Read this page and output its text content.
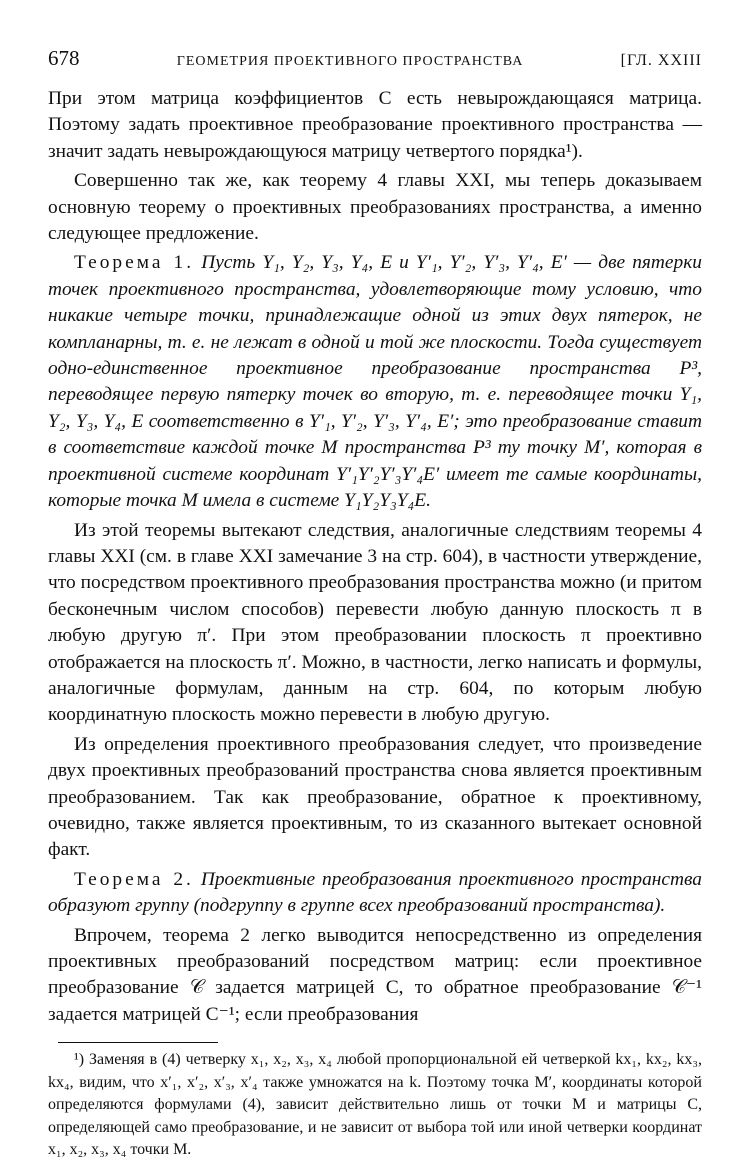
678	ГЕОМЕТРИЯ ПРОЕКТИВНОГО ПРОСТРАНСТВА	[ГЛ. XXIII

При этом матрица коэффициентов C есть невырождающаяся матрица. Поэтому задать проективное преобразование проективного пространства — значит задать невырождающуюся матрицу четвертого порядка¹).

Совершенно так же, как теорему 4 главы XXI, мы теперь доказываем основную теорему о проективных преобразованиях пространства, а именно следующее предложение.

Теорема 1. Пусть Y₁, Y₂, Y₃, Y₄, E и Y′₁, Y′₂, Y′₃, Y′₄, E′ — две пятерки точек проективного пространства, удовлетворяющие тому условию, что никакие четыре точки, принадлежащие одной из этих двух пятерок, не компланарны, т. е. не лежат в одной и той же плоскости. Тогда существует одно-единственное проективное преобразование пространства P³, переводящее первую пятерку точек во вторую, т. е. переводящее точки Y₁, Y₂, Y₃, Y₄, E соответственно в Y′₁, Y′₂, Y′₃, Y′₄, E′; это преобразование ставит в соответствие каждой точке M пространства P³ ту точку M′, которая в проективной системе координат Y′₁Y′₂Y′₃Y′₄E′ имеет те самые координаты, которые точка M имела в системе Y₁Y₂Y₃Y₄E.

Из этой теоремы вытекают следствия, аналогичные следствиям теоремы 4 главы XXI (см. в главе XXI замечание 3 на стр. 604), в частности утверждение, что посредством проективного преобразования пространства можно (и притом бесконечным числом способов) перевести любую данную плоскость π в любую другую π′. При этом преобразовании плоскость π проективно отображается на плоскость π′. Можно, в частности, легко написать и формулы, аналогичные формулам, данным на стр. 604, по которым любую координатную плоскость можно перевести в любую другую.

Из определения проективного преобразования следует, что произведение двух проективных преобразований пространства снова является проективным преобразованием. Так как преобразование, обратное к проективному, очевидно, также является проективным, то из сказанного вытекает основной факт.

Теорема 2. Проективные преобразования проективного пространства образуют группу (подгруппу в группе всех преобразований пространства).

Впрочем, теорема 2 легко выводится непосредственно из определения проективных преобразований посредством матриц: если проективное преобразование 𝒞 задается матрицей C, то обратное преобразование 𝒞⁻¹ задается матрицей C⁻¹; если преобразования

¹) Заменяя в (4) четверку x₁, x₂, x₃, x₄ любой пропорциональной ей четверкой kx₁, kx₂, kx₃, kx₄, видим, что x′₁, x′₂, x′₃, x′₄ также умножатся на k. Поэтому точка M′, координаты которой определяются формулами (4), зависит действительно лишь от точки M и матрицы C, определяющей само преобразование, и не зависит от выбора той или иной четверки координат x₁, x₂, x₃, x₄ точки M.
